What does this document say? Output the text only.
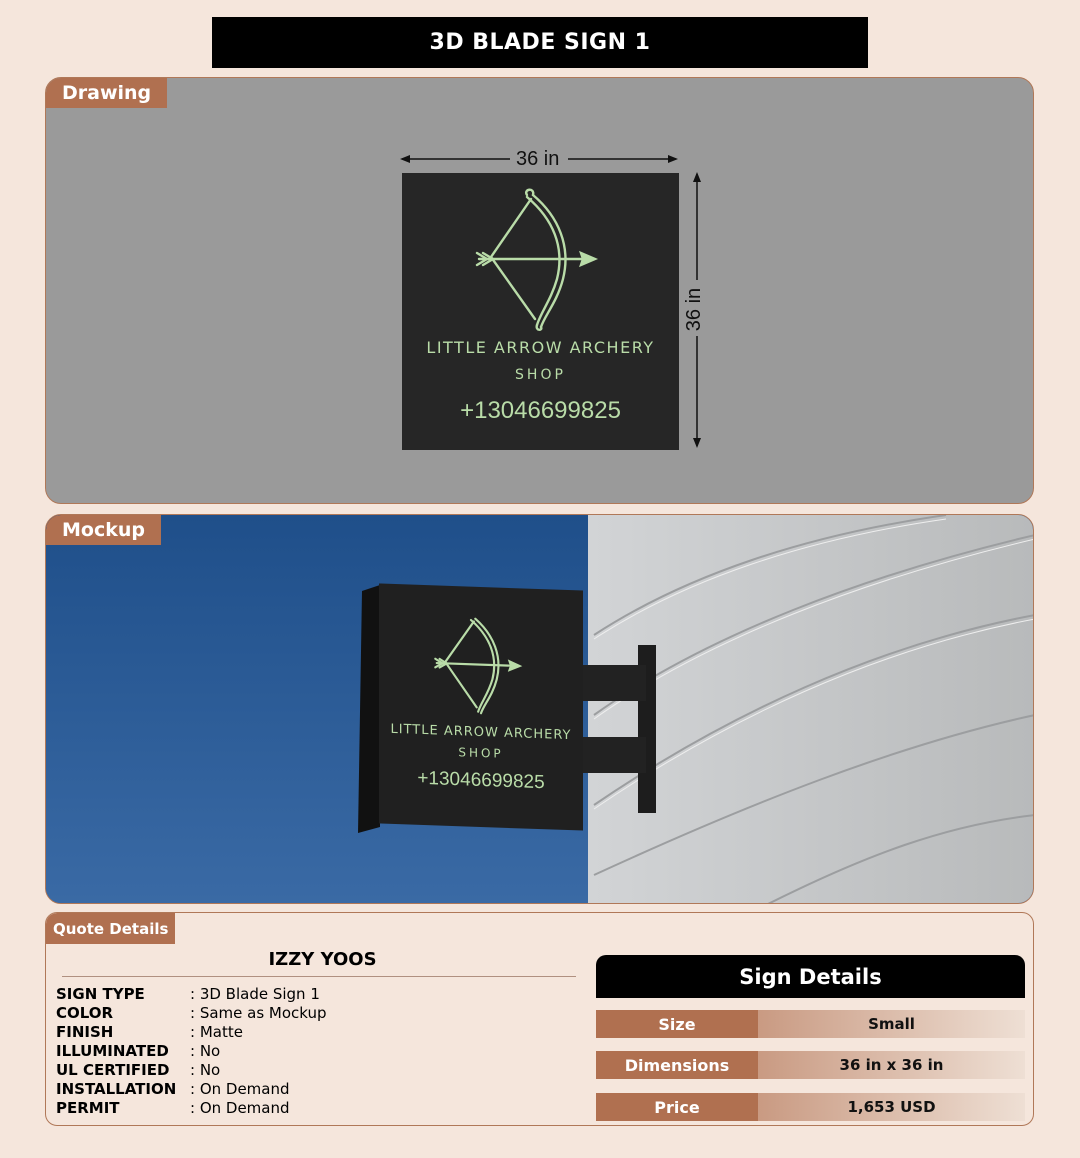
3D BLADE SIGN 1
Drawing
36 in
36 in
LITTLE ARROW ARCHERY
SHOP
+13046699825
Mockup
LITTLE ARROW ARCHERY
SHOP
+13046699825
Quote Details
IZZY YOOS
SIGN TYPE	: 3D Blade Sign 1
COLOR	: Same as Mockup
FINISH	: Matte
ILLUMINATED	: No
UL CERTIFIED	: No
INSTALLATION : On Demand
PERMIT	: On Demand
Sign Details
Size	Small
Dimensions	36 in x 36 in
Price	1,653 USD
